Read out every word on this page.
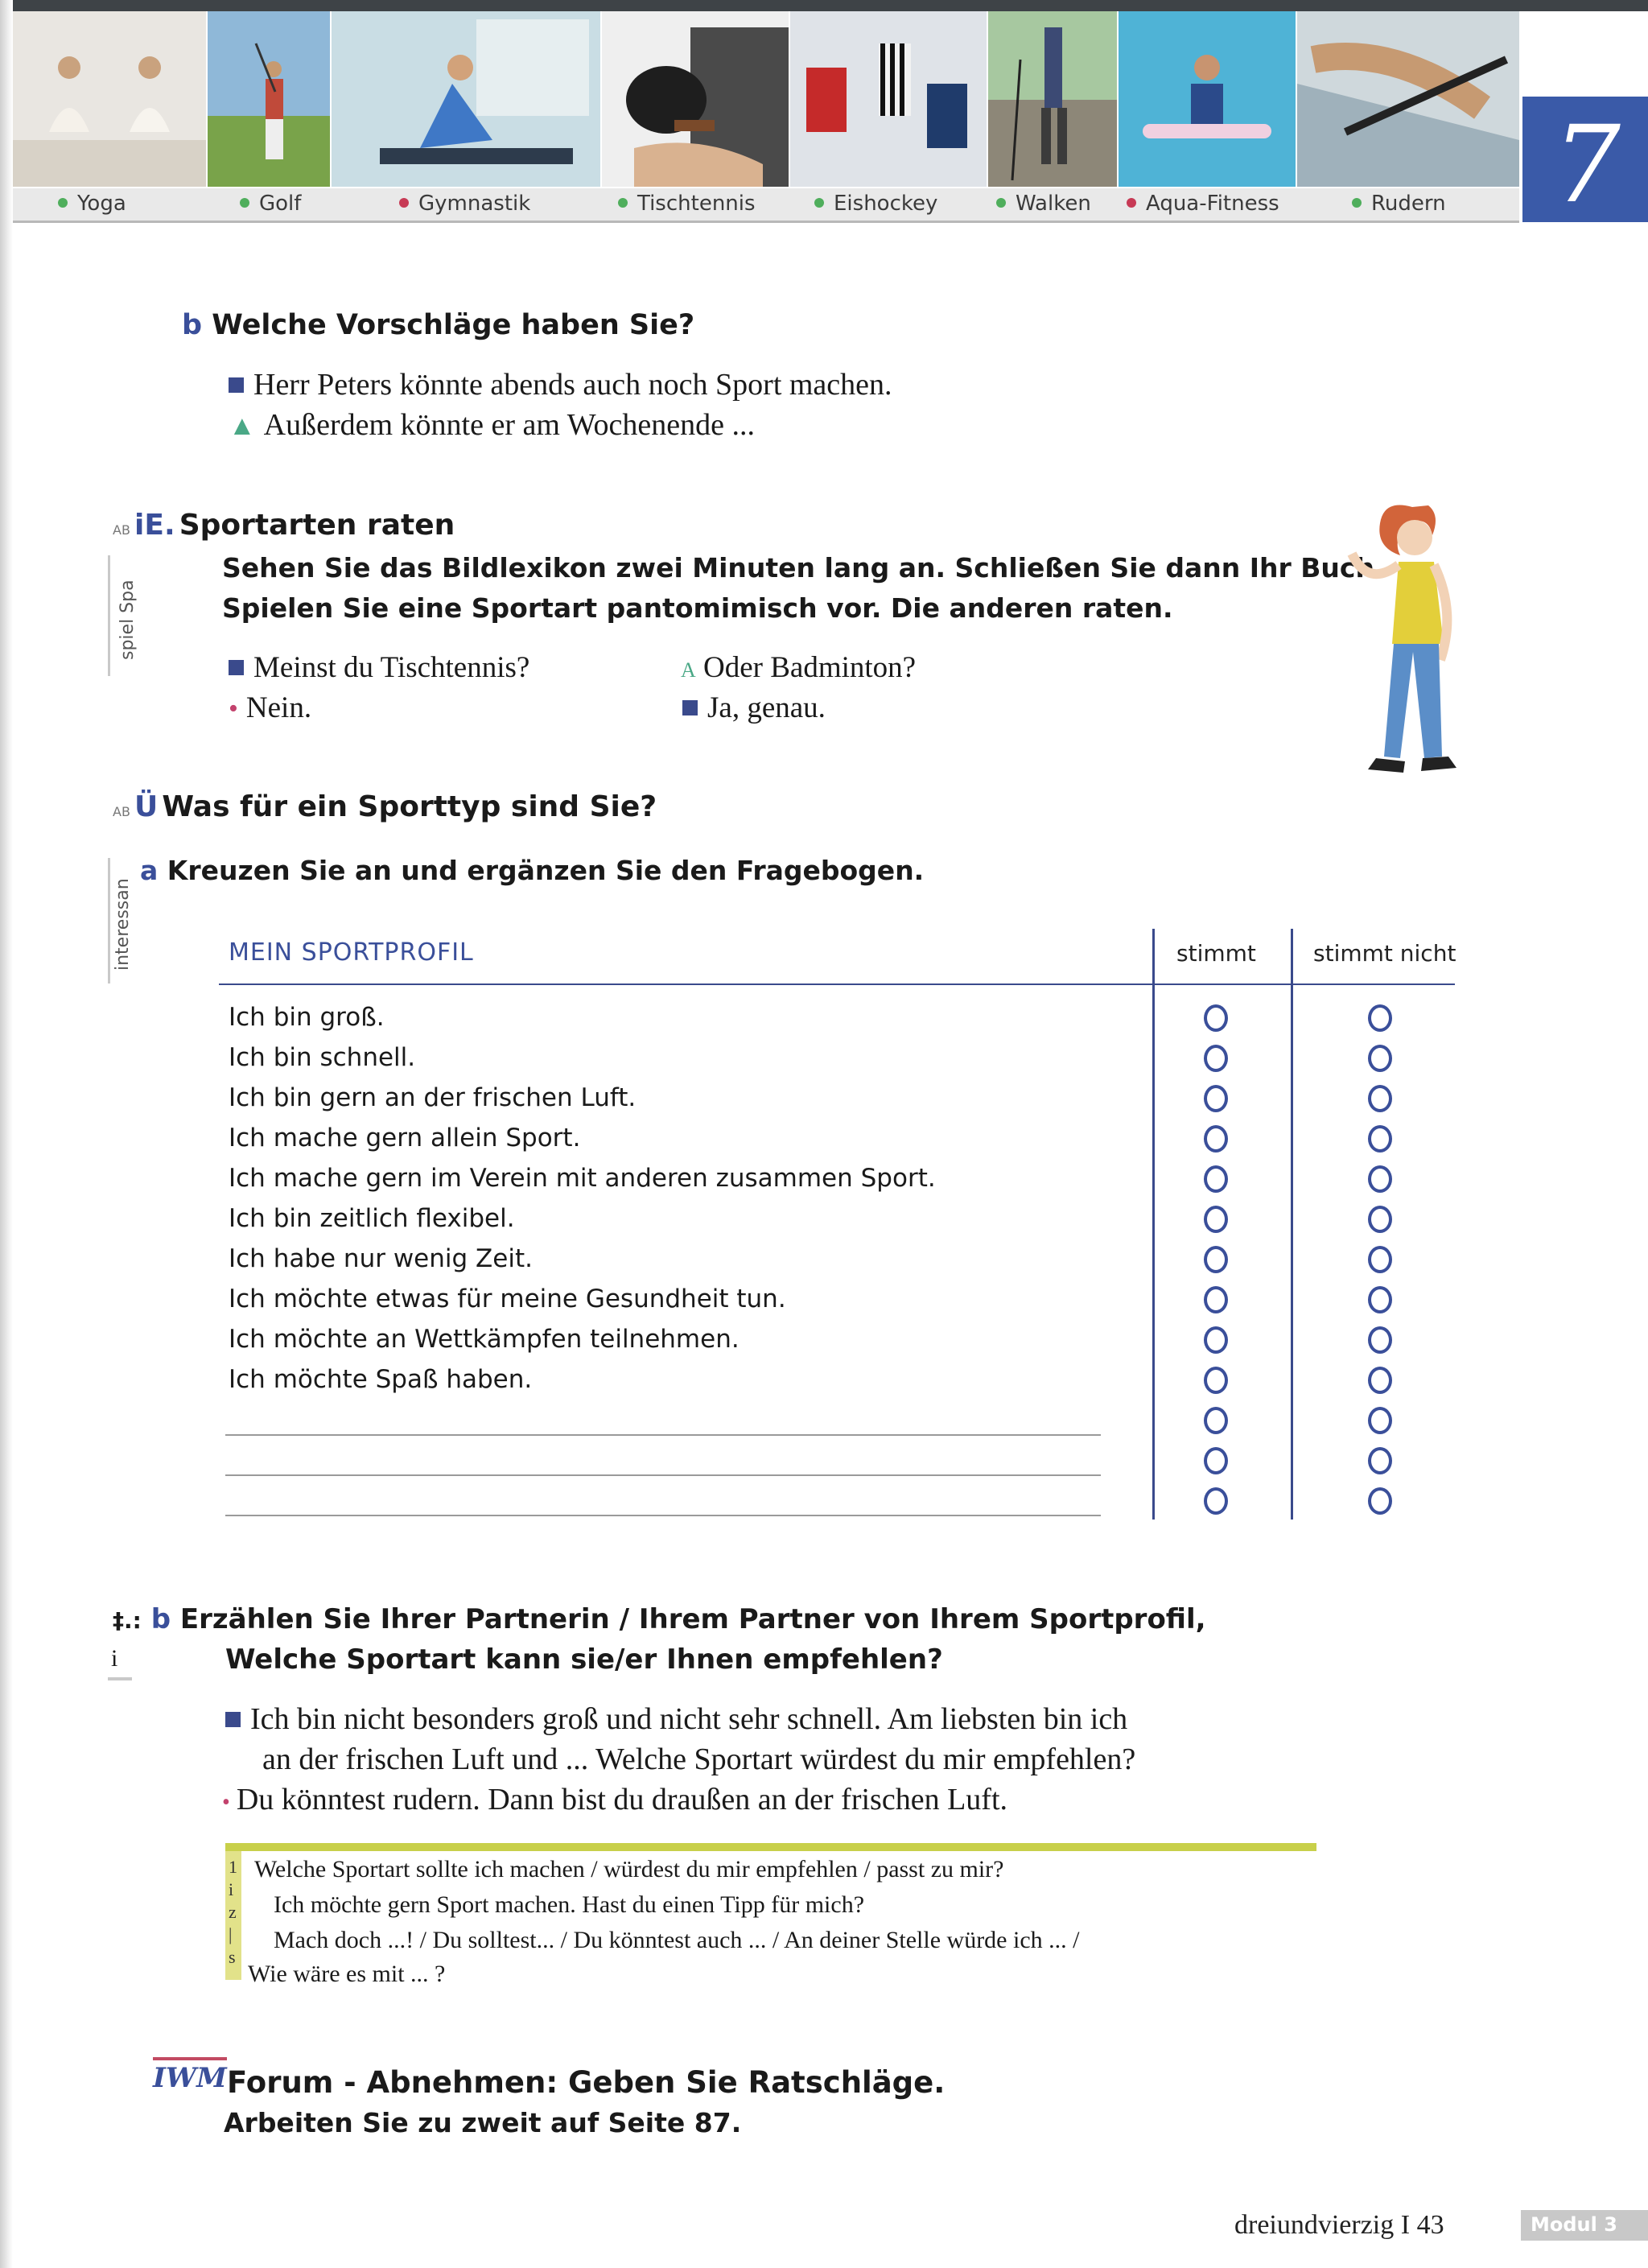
Yoga	Golf	Gymnastik	Tischtennis	Eishockey	Walken	Aqua-Fitness	Rudern 7
b Welche Vorschläge haben Sie?
Herr Peters könnte abends auch noch Sport machen.
▲ Außerdem könnte er am Wochenende ...
AB iE. Sportarten raten
spiel Spa
Sehen Sie das Bildlexikon zwei Minuten lang an. Schließen Sie dann Ihr Buch.
Spielen Sie eine Sportart pantomimisch vor. Die anderen raten.
Meinst du Tischtennis?	A Oder Badminton?
• Nein.	Ja, genau.
AB Ü Was für ein Sporttyp sind Sie?
interessan
a Kreuzen Sie an und ergänzen Sie den Fragebogen.
MEIN SPORTPROFIL	stimmt	stimmt nicht
Ich bin groß.
Ich bin schnell.
Ich bin gern an der frischen Luft.
Ich mache gern allein Sport.
Ich mache gern im Verein mit anderen zusammen Sport.
Ich bin zeitlich flexibel.
Ich habe nur wenig Zeit.
Ich möchte etwas für meine Gesundheit tun.
Ich möchte an Wettkämpfen teilnehmen.
Ich möchte Spaß haben.
‡.: b Erzählen Sie Ihrer Partnerin / Ihrem Partner von Ihrem Sportprofil,
Welche Sportart kann sie/er Ihnen empfehlen?
i
Ich bin nicht besonders groß und nicht sehr schnell. Am liebsten bin ich
an der frischen Luft und ... Welche Sportart würdest du mir empfehlen?
• Du könntest rudern. Dann bist du draußen an der frischen Luft.
1 i z | s
Welche Sportart sollte ich machen / würdest du mir empfehlen / passt zu mir?
Ich möchte gern Sport machen. Hast du einen Tipp für mich?
Mach doch ...! / Du solltest... / Du könntest auch ... / An deiner Stelle würde ich ... /
Wie wäre es mit ... ?
IWM Forum - Abnehmen: Geben Sie Ratschläge.
Arbeiten Sie zu zweit auf Seite 87.
dreiundvierzig I 43	Modul 3
